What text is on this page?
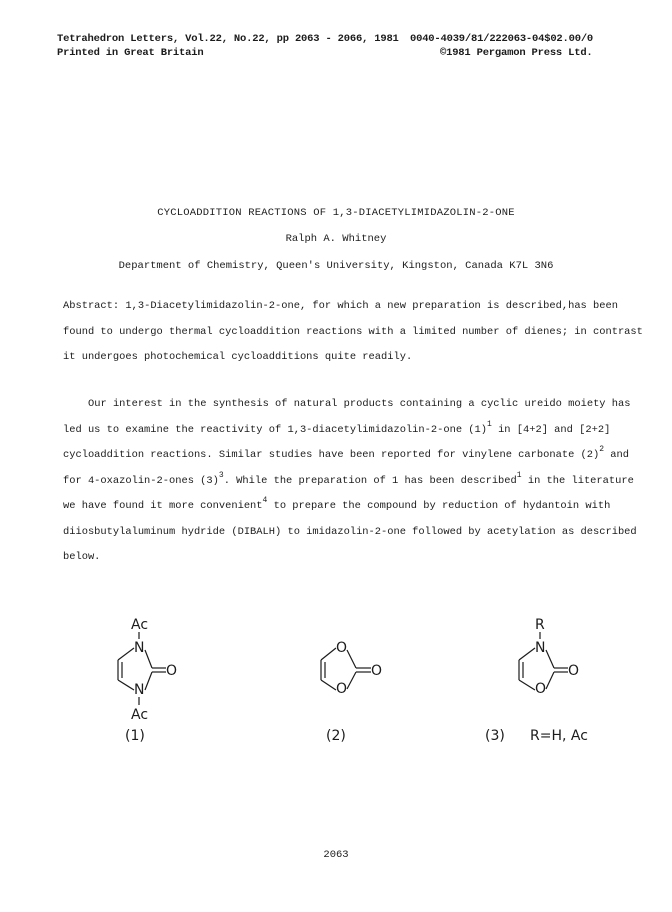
Tetrahedron Letters, Vol.22, No.22, pp 2063 - 2066, 1981
Printed in Great Britain
0040-4039/81/222063-04$02.00/0
©1981 Pergamon Press Ltd.
CYCLOADDITION REACTIONS OF 1,3-DIACETYLIMIDAZOLIN-2-ONE
Ralph A. Whitney
Department of Chemistry, Queen's University, Kingston, Canada K7L 3N6
Abstract: 1,3-Diacetylimidazolin-2-one, for which a new preparation is described,has been
found to undergo thermal cycloaddition reactions with a limited number of dienes; in contrast
it undergoes photochemical cycloadditions quite readily.
Our interest in the synthesis of natural products containing a cyclic ureido moiety has
led us to examine the reactivity of 1,3-diacetylimidazolin-2-one $(1)^1$ in [4+2] and [2+2]
cycloaddition reactions. Similar studies have been reported for vinylene carbonate $(2)^2$ and
for 4-oxazolin-2-ones $(3)^3$. While the preparation of 1 has been described$^1$ in the literature
we have found it more convenient$^4$ to prepare the compound by reduction of hydantoin with
diiosbutylaluminum hydride (DIBALH) to imidazolin-2-one followed by acetylation as described
below.
Ac
N
N
O
Ac
O
O
O
R
N
O
O
(1)	(2)	(3) R=H, Ac
2063
